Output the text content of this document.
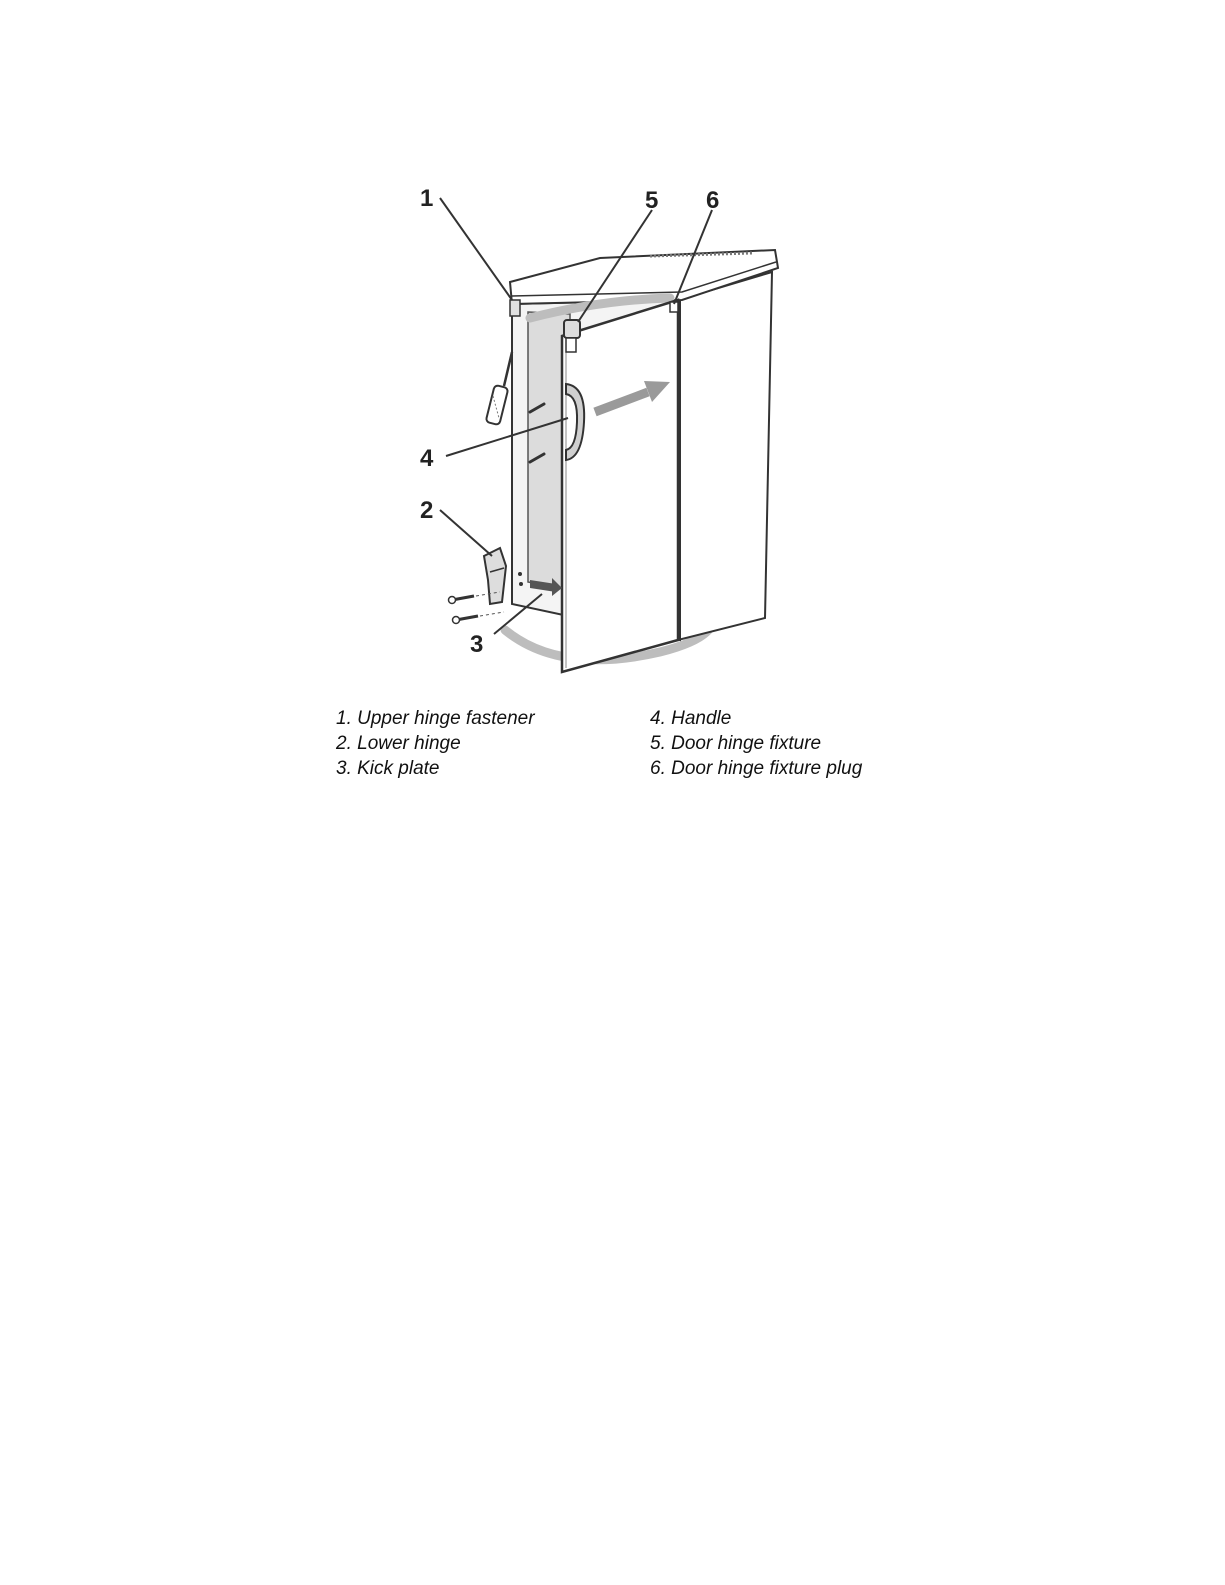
1
2
3
4
5 6
1. Upper hinge fastener
2. Lower hinge
3. Kick plate
4. Handle
5. Door hinge fixture
6. Door hinge fixture plug
